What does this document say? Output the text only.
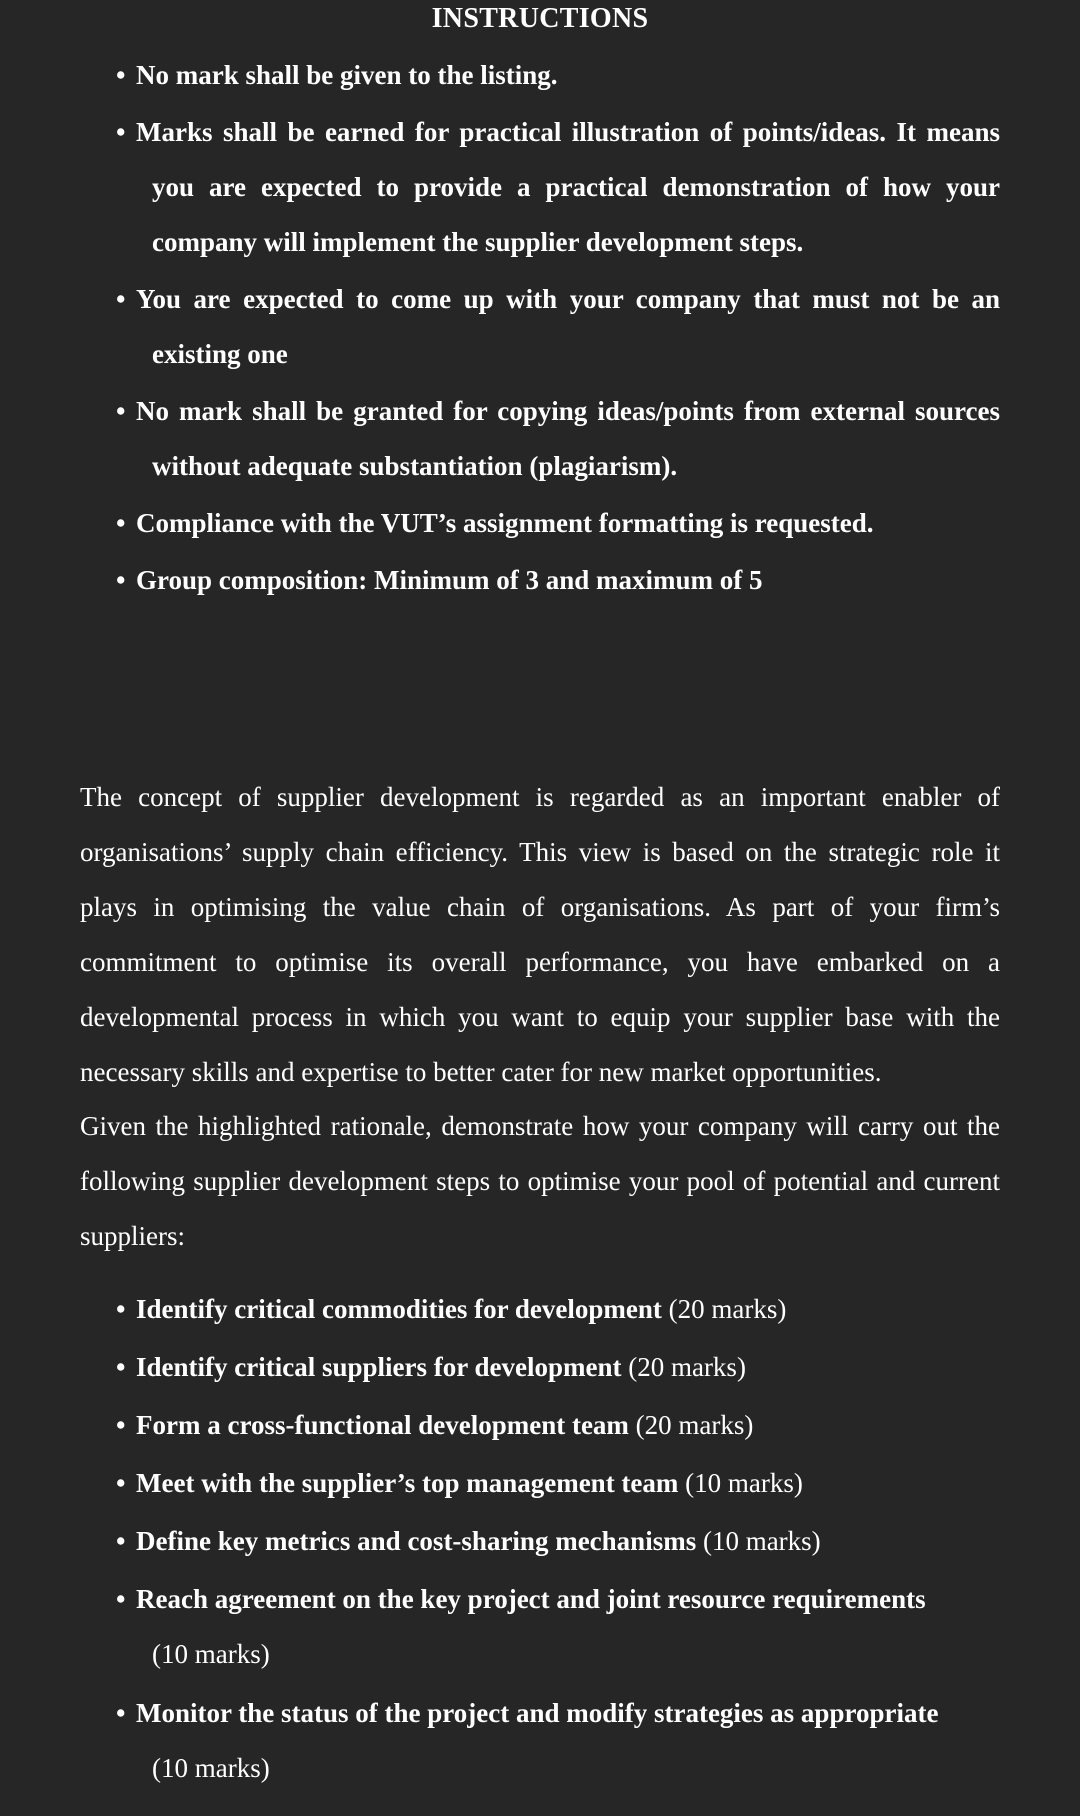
INSTRUCTIONS
• No mark shall be given to the listing.
• Marks shall be earned for practical illustration of points/ideas. It means
you are expected to provide a practical demonstration of how your
company will implement the supplier development steps.
• You are expected to come up with your company that must not be an
existing one
• No mark shall be granted for copying ideas/points from external sources
without adequate substantiation (plagiarism).
• Compliance with the VUT’s assignment formatting is requested.
• Group composition: Minimum of 3 and maximum of 5

The concept of supplier development is regarded as an important enabler of organisations’ supply chain efficiency. This view is based on the strategic role it plays in optimising the value chain of organisations. As part of your firm’s commitment to optimise its overall performance, you have embarked on a developmental process in which you want to equip your supplier base with the necessary skills and expertise to better cater for new market opportunities.

Given the highlighted rationale, demonstrate how your company will carry out the following supplier development steps to optimise your pool of potential and current suppliers:

• Identify critical commodities for development (20 marks)
• Identify critical suppliers for development (20 marks)
• Form a cross-functional development team (20 marks)
• Meet with the supplier’s top management team (10 marks)
• Define key metrics and cost-sharing mechanisms (10 marks)
• Reach agreement on the key project and joint resource requirements
(10 marks)
• Monitor the status of the project and modify strategies as appropriate
(10 marks)
